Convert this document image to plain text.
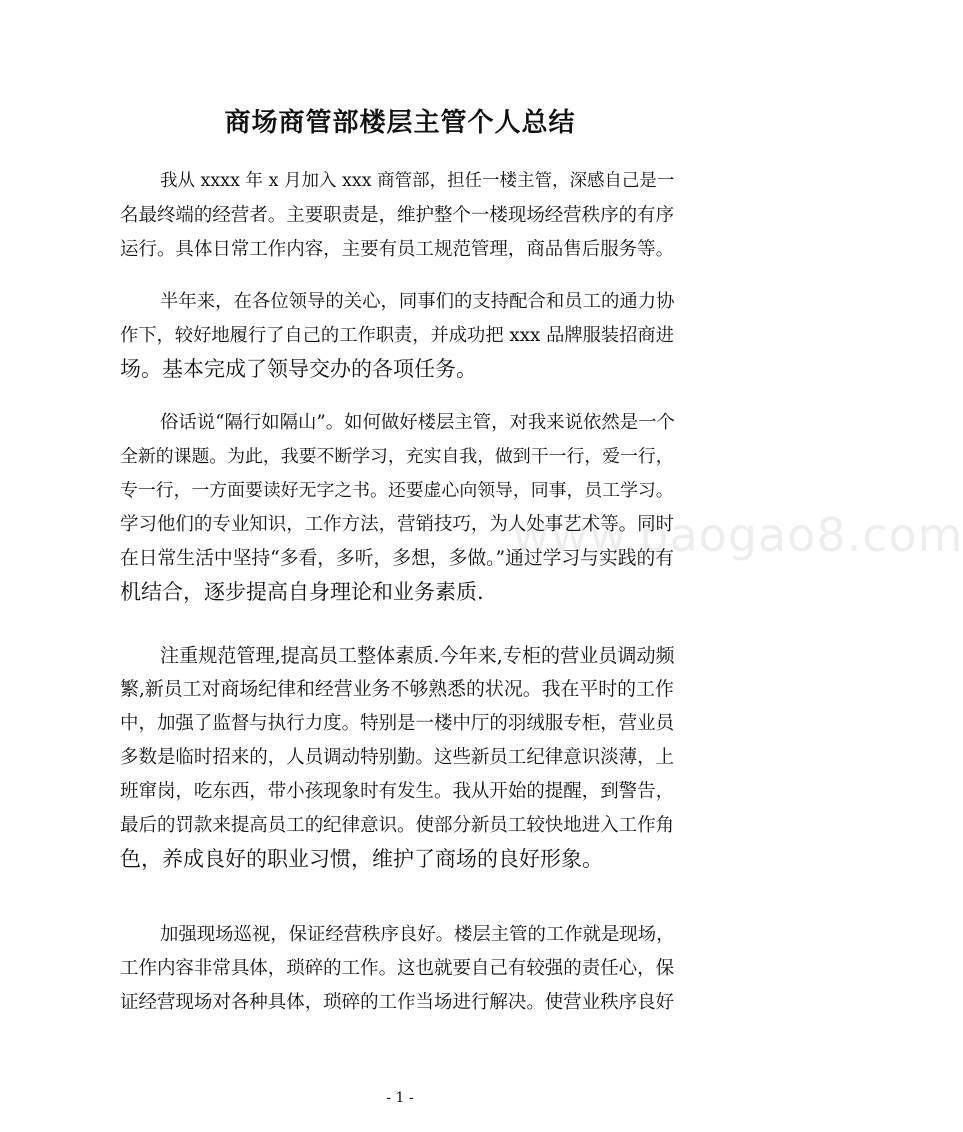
商场商管部楼层主管个人总结
我从 xxxx 年 x 月加入 xxx 商管部，担任一楼主管，深感自己是一
名最终端的经营者。主要职责是，维护整个一楼现场经营秩序的有序
运行。具体日常工作内容，主要有员工规范管理，商品售后服务等。
半年来，在各位领导的关心，同事们的支持配合和员工的通力协
作下，较好地履行了自己的工作职责，并成功把 xxx 品牌服装招商进
场。基本完成了领导交办的各项任务。
俗话说“隔行如隔山”。如何做好楼层主管，对我来说依然是一个
全新的课题。为此，我要不断学习，充实自我，做到干一行，爱一行，
专一行，一方面要读好无字之书。还要虚心向领导，同事，员工学习。
学习他们的专业知识，工作方法，营销技巧，为人处事艺术等。同时
在日常生活中坚持“多看，多听，多想，多做。”通过学习与实践的有
机结合，逐步提高自身理论和业务素质.
注重规范管理,提高员工整体素质.今年来,专柜的营业员调动频
繁,新员工对商场纪律和经营业务不够熟悉的状况。我在平时的工作
中，加强了监督与执行力度。特别是一楼中厅的羽绒服专柜，营业员
多数是临时招来的，人员调动特别勤。这些新员工纪律意识淡薄，上
班窜岗，吃东西，带小孩现象时有发生。我从开始的提醒，到警告，
最后的罚款来提高员工的纪律意识。使部分新员工较快地进入工作角
色，养成良好的职业习惯，维护了商场的良好形象。
加强现场巡视，保证经营秩序良好。楼层主管的工作就是现场，
工作内容非常具体，琐碎的工作。这也就要自己有较强的责任心，保
证经营现场对各种具体，琐碎的工作当场进行解决。使营业秩序良好
www.baogao8.com
- 1 -
